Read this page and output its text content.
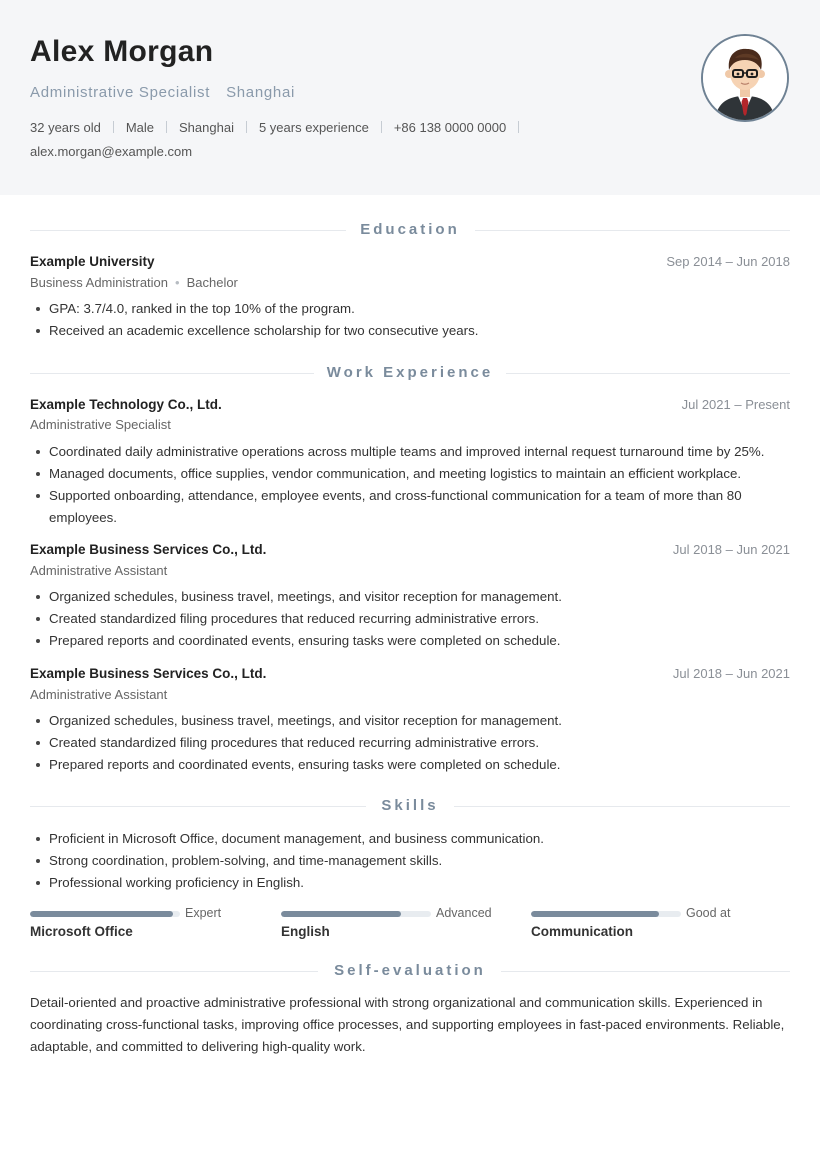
Alex Morgan
Administrative Specialist Shanghai
32 years old Male Shanghai 5 years experience +86 138 0000 0000
alex.morgan@example.com
Education
Example University	Sep 2014 – Jun 2018
Business Administration • Bachelor
GPA: 3.7/4.0, ranked in the top 10% of the program.
Received an academic excellence scholarship for two consecutive years.
Work Experience
Example Technology Co., Ltd.	Jul 2021 – Present
Administrative Specialist
Coordinated daily administrative operations across multiple teams and improved internal request turnaround time by 25%.
Managed documents, office supplies, vendor communication, and meeting logistics to maintain an efficient workplace.
Supported onboarding, attendance, employee events, and cross-functional communication for a team of more than 80 employees.
Example Business Services Co., Ltd.	Jul 2018 – Jun 2021
Administrative Assistant
Organized schedules, business travel, meetings, and visitor reception for management.
Created standardized filing procedures that reduced recurring administrative errors.
Prepared reports and coordinated events, ensuring tasks were completed on schedule.
Example Business Services Co., Ltd.	Jul 2018 – Jun 2021
Administrative Assistant
Organized schedules, business travel, meetings, and visitor reception for management.
Created standardized filing procedures that reduced recurring administrative errors.
Prepared reports and coordinated events, ensuring tasks were completed on schedule.
Skills
Proficient in Microsoft Office, document management, and business communication.
Strong coordination, problem-solving, and time-management skills.
Professional working proficiency in English.
Expert
Microsoft Office
Advanced
English
Good at
Communication
Self-evaluation
Detail-oriented and proactive administrative professional with strong organizational and communication skills. Experienced in coordinating cross-functional tasks, improving office processes, and supporting employees in fast-paced environments. Reliable, adaptable, and committed to delivering high-quality work.
